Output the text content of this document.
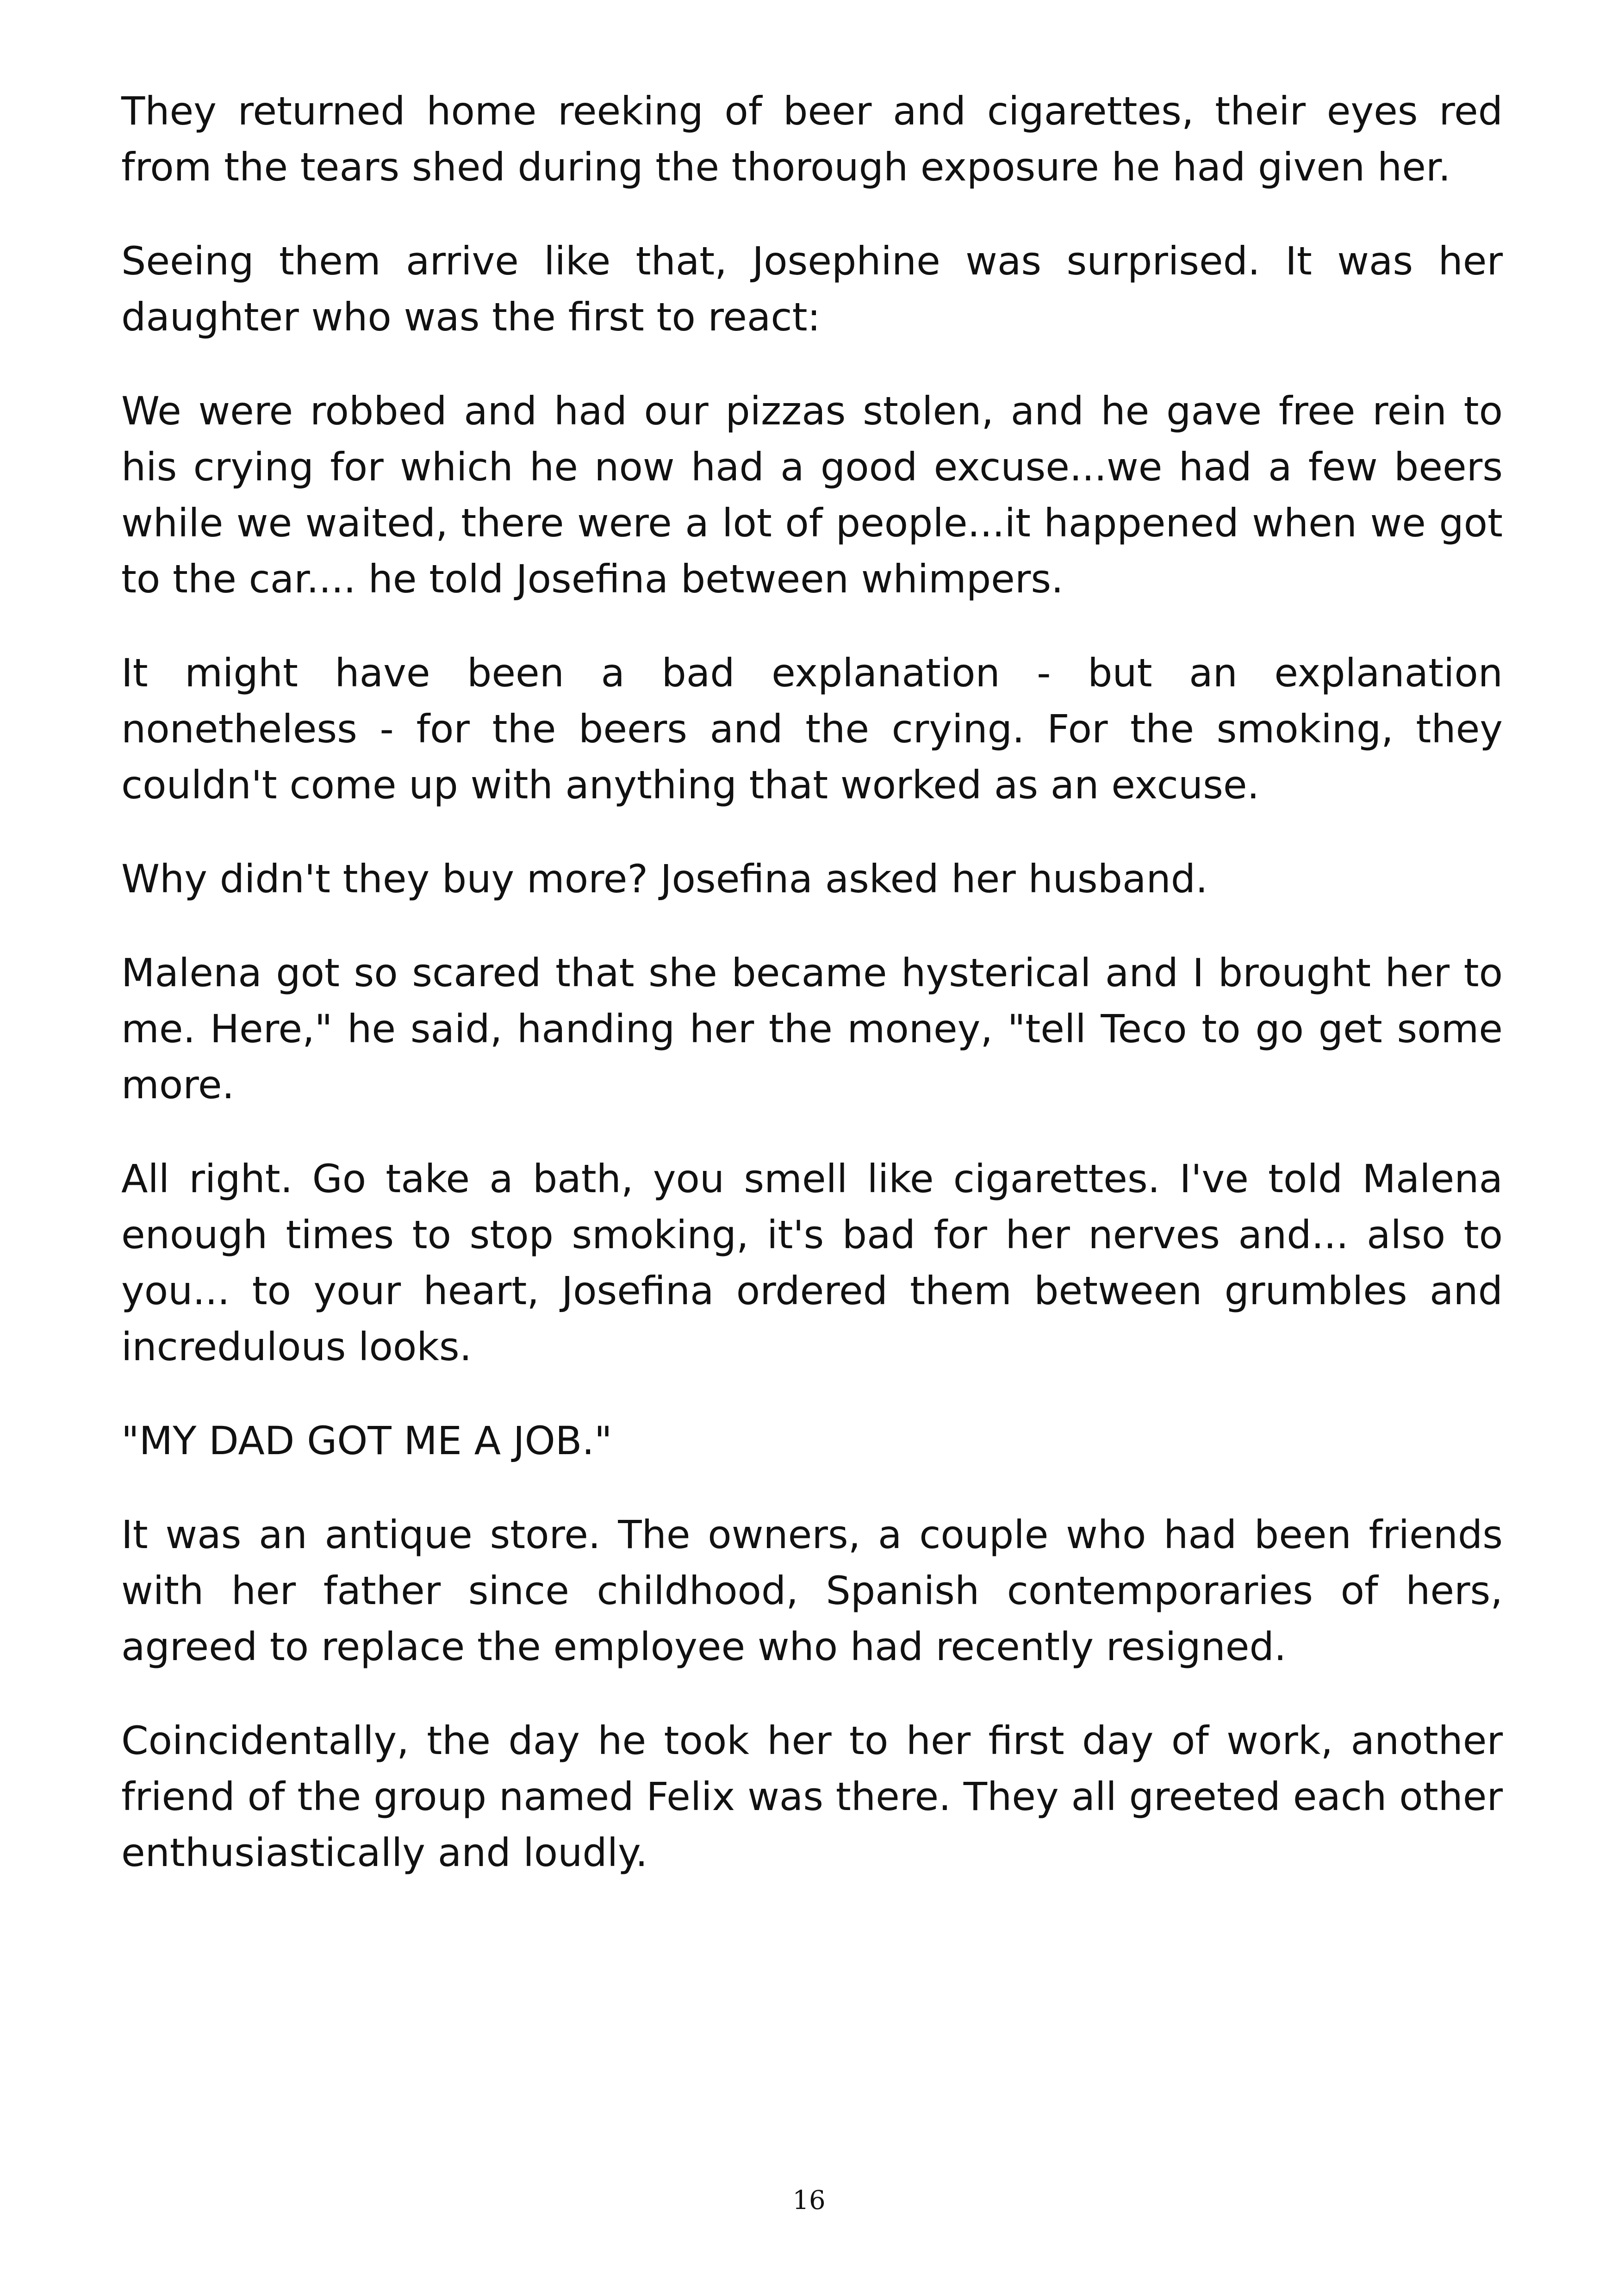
They returned home reeking of beer and cigarettes, their eyes red from the tears shed during the thorough exposure he had given her.

Seeing them arrive like that, Josephine was surprised. It was her daughter who was the first to react:

We were robbed and had our pizzas stolen, and he gave free rein to his crying for which he now had a good excuse...we had a few beers while we waited, there were a lot of people...it happened when we got to the car.... he told Josefina between whimpers.

It might have been a bad explanation - but an explanation nonetheless - for the beers and the crying. For the smoking, they couldn't come up with anything that worked as an excuse.

Why didn't they buy more? Josefina asked her husband.

Malena got so scared that she became hysterical and I brought her to me. Here," he said, handing her the money, "tell Teco to go get some more.

All right. Go take a bath, you smell like cigarettes. I've told Malena enough times to stop smoking, it's bad for her nerves and... also to you... to your heart, Josefina ordered them between grumbles and incredulous looks.

"MY DAD GOT ME A JOB."

It was an antique store. The owners, a couple who had been friends with her father since childhood, Spanish contemporaries of hers, agreed to replace the employee who had recently resigned.

Coincidentally, the day he took her to her first day of work, another friend of the group named Felix was there. They all greeted each other enthusiastically and loudly.

16
